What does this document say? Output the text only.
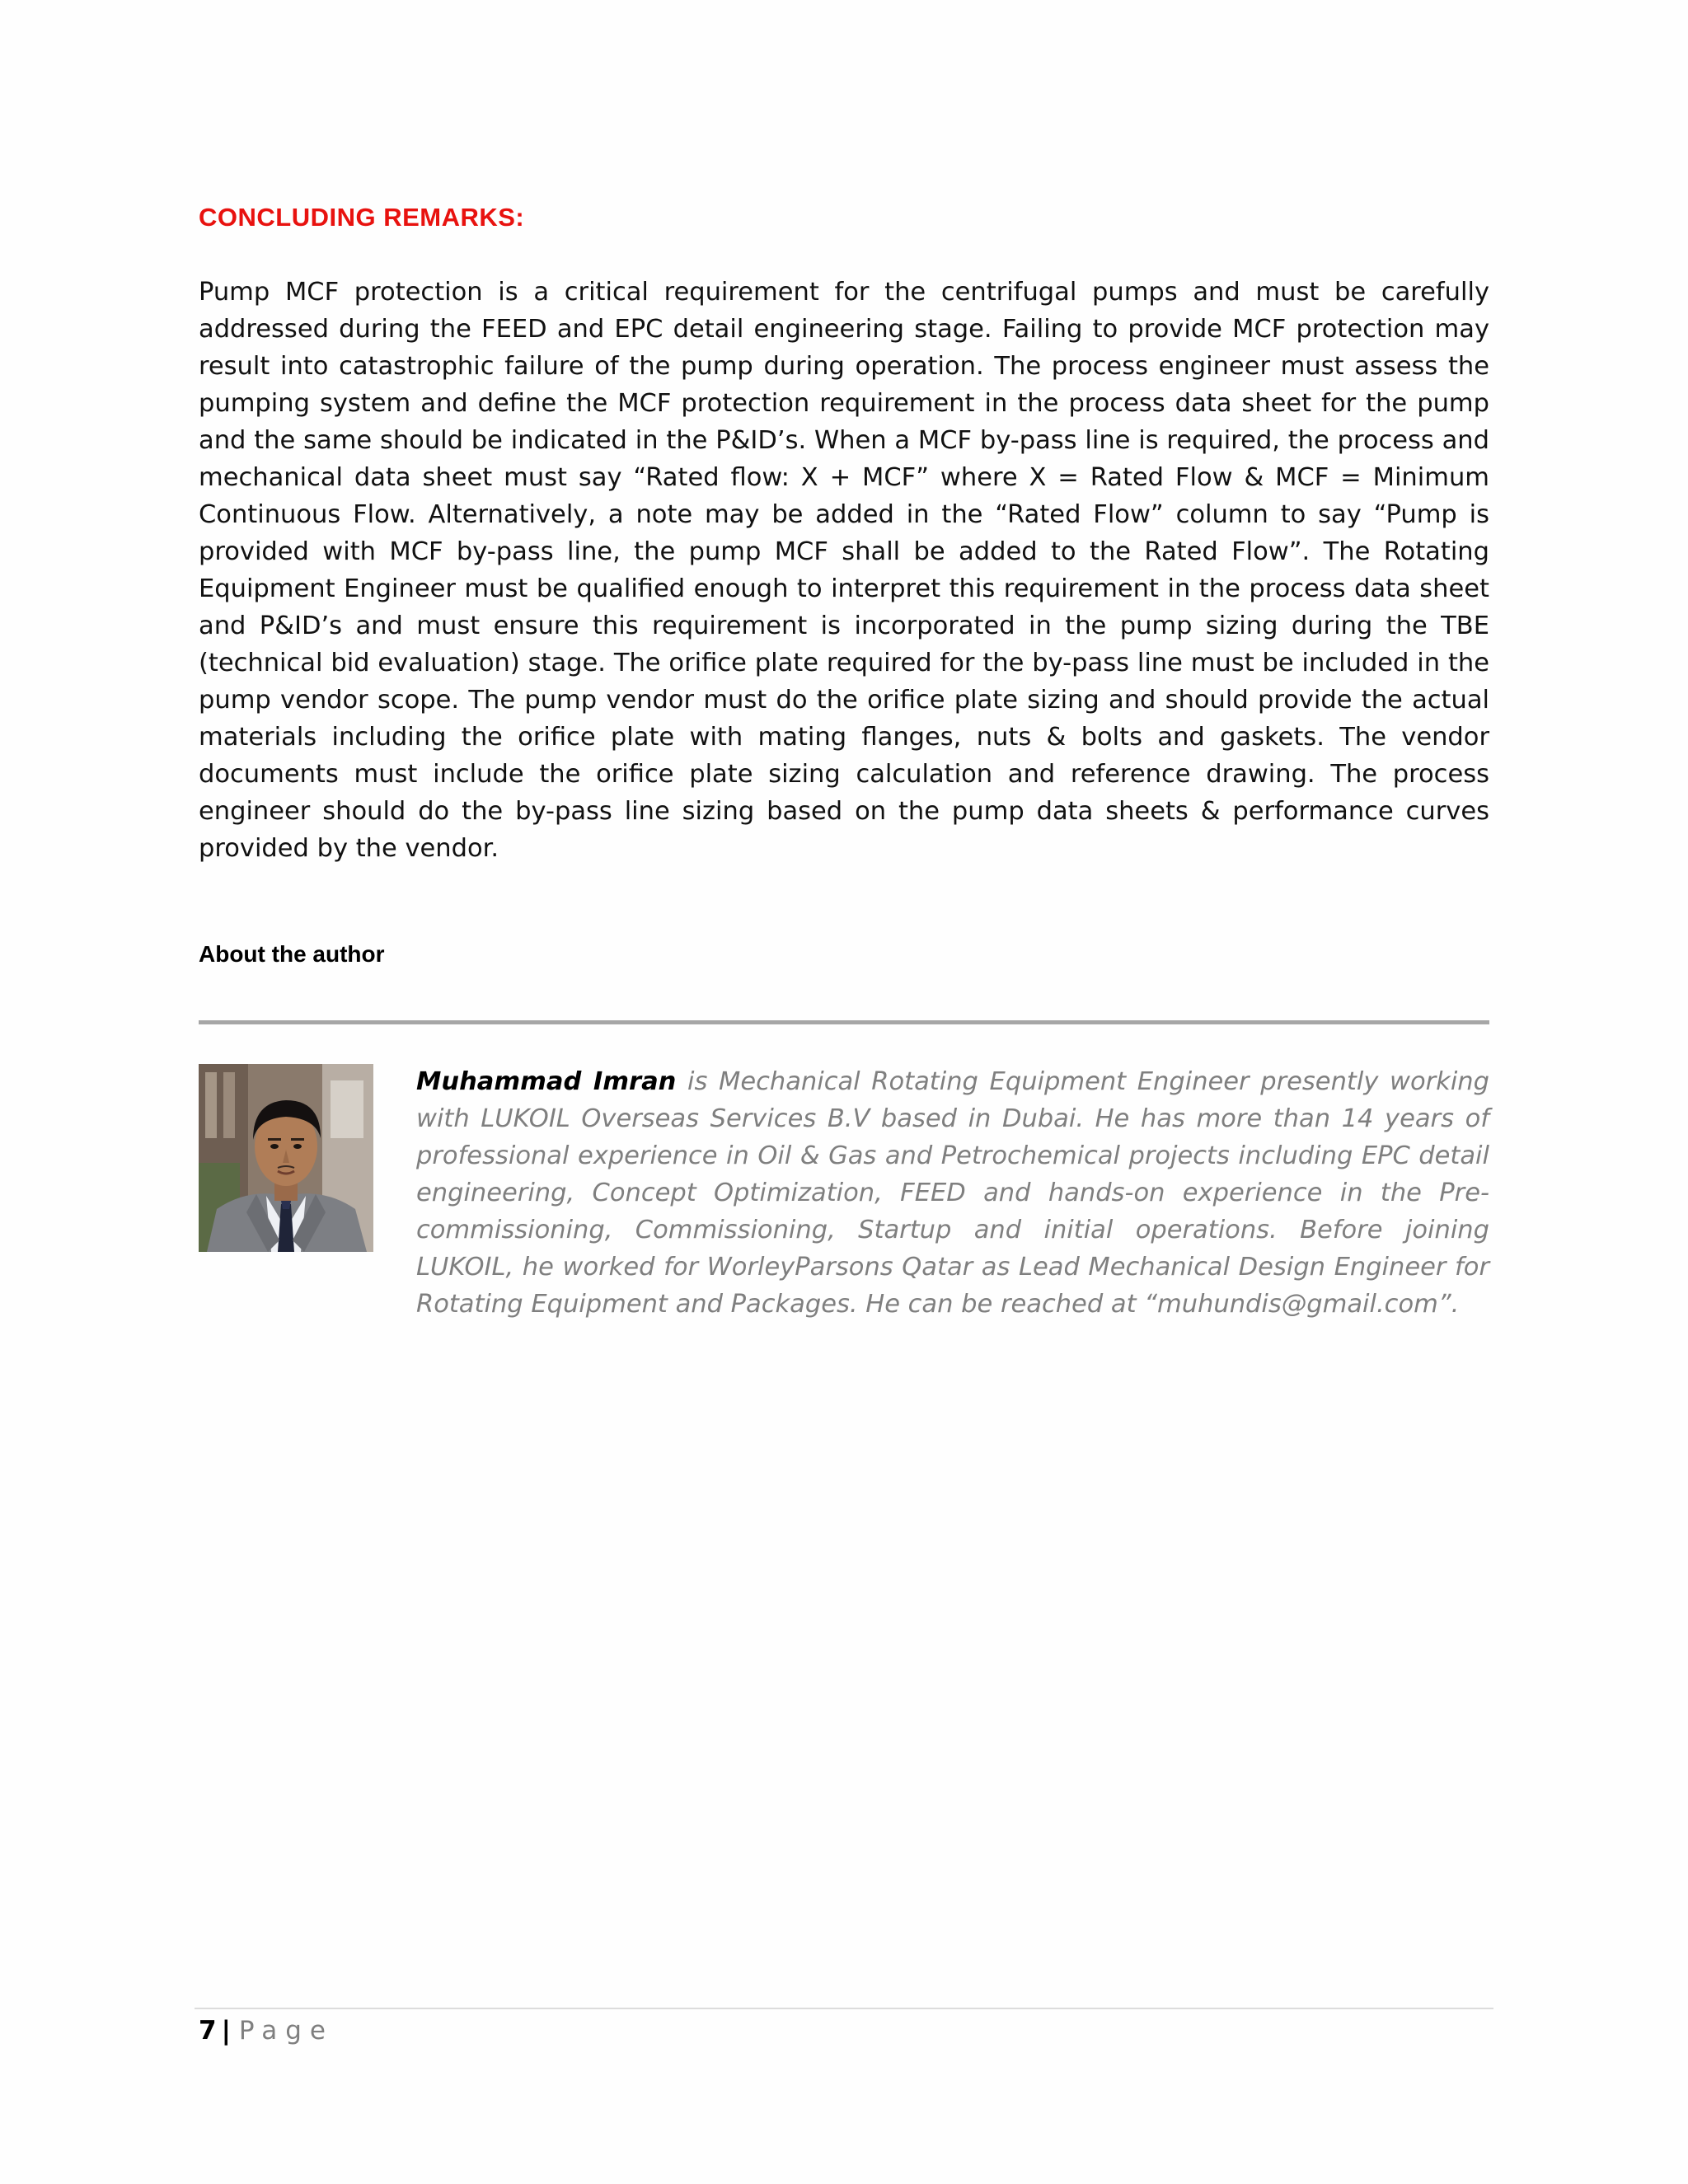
CONCLUDING REMARKS:

Pump MCF protection is a critical requirement for the centrifugal pumps and must be carefully addressed during the FEED and EPC detail engineering stage. Failing to provide MCF protection may result into catastrophic failure of the pump during operation. The process engineer must assess the pumping system and define the MCF protection requirement in the process data sheet for the pump and the same should be indicated in the P&ID’s. When a MCF by-pass line is required, the process and mechanical data sheet must say “Rated flow: X + MCF” where X = Rated Flow & MCF = Minimum Continuous Flow. Alternatively, a note may be added in the “Rated Flow” column to say “Pump is provided with MCF by-pass line, the pump MCF shall be added to the Rated Flow”. The Rotating Equipment Engineer must be qualified enough to interpret this requirement in the process data sheet and P&ID’s and must ensure this requirement is incorporated in the pump sizing during the TBE (technical bid evaluation) stage. The orifice plate required for the by-pass line must be included in the pump vendor scope. The pump vendor must do the orifice plate sizing and should provide the actual materials including the orifice plate with mating flanges, nuts & bolts and gaskets. The vendor documents must include the orifice plate sizing calculation and reference drawing. The process engineer should do the by-pass line sizing based on the pump data sheets & performance curves provided by the vendor.

About the author

Muhammad Imran is Mechanical Rotating Equipment Engineer presently working with LUKOIL Overseas Services B.V based in Dubai. He has more than 14 years of professional experience in Oil & Gas and Petrochemical projects including EPC detail engineering, Concept Optimization, FEED and hands-on experience in the Pre-commissioning, Commissioning, Startup and initial operations. Before joining LUKOIL, he worked for WorleyParsons Qatar as Lead Mechanical Design Engineer for Rotating Equipment and Packages. He can be reached at “muhundis@gmail.com”.

7 | Page
